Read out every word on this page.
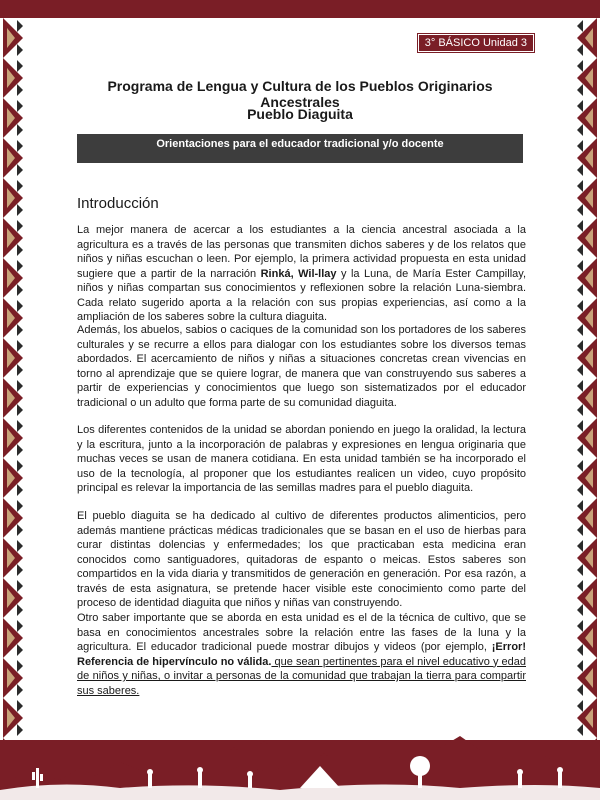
3° BÁSICO Unidad 3
Programa de Lengua y Cultura de los Pueblos Originarios Ancestrales
Pueblo Diaguita
Orientaciones para el educador tradicional y/o docente
Introducción
La mejor manera de acercar a los estudiantes a la ciencia ancestral asociada a la agricultura es a través de las personas que transmiten dichos saberes y de los relatos que niños y niñas escuchan o leen. Por ejemplo, la primera actividad propuesta en esta unidad sugiere que a partir de la narración Rinká, Wil-llay y la Luna, de María Ester Campillay, niños y niñas compartan sus conocimientos y reflexionen sobre la relación Luna-siembra. Cada relato sugerido aporta a la relación con sus propias experiencias, así como a la ampliación de los saberes sobre la cultura diaguita.
Además, los abuelos, sabios o caciques de la comunidad son los portadores de los saberes culturales y se recurre a ellos para dialogar con los estudiantes sobre los diversos temas abordados. El acercamiento de niños y niñas a situaciones concretas crean vivencias en torno al aprendizaje que se quiere lograr, de manera que van construyendo sus saberes a partir de experiencias y conocimientos que luego son sistematizados por el educador tradicional o un adulto que forma parte de su comunidad diaguita.
Los diferentes contenidos de la unidad se abordan poniendo en juego la oralidad, la lectura y la escritura, junto a la incorporación de palabras y expresiones en lengua originaria que muchas veces se usan de manera cotidiana. En esta unidad también se ha incorporado el uso de la tecnología, al proponer que los estudiantes realicen un video, cuyo propósito principal es relevar la importancia de las semillas madres para el pueblo diaguita.
El pueblo diaguita se ha dedicado al cultivo de diferentes productos alimenticios, pero además mantiene prácticas médicas tradicionales que se basan en el uso de hierbas para curar distintas dolencias y enfermedades; los que practicaban esta medicina eran conocidos como santiguadores, quitadoras de espanto o meicas. Estos saberes son compartidos en la vida diaria y transmitidos de generación en generación. Por esa razón, a través de esta asignatura, se pretende hacer visible este conocimiento como parte del proceso de identidad diaguita que niños y niñas van construyendo.
Otro saber importante que se aborda en esta unidad es el de la técnica de cultivo, que se basa en conocimientos ancestrales sobre la relación entre las fases de la luna y la agricultura. El educador tradicional puede mostrar dibujos y videos (por ejemplo, ¡Error! Referencia de hipervínculo no válida. que sean pertinentes para el nivel educativo y edad de niños y niñas, o invitar a personas de la comunidad que trabajan la tierra para compartir sus saberes.
